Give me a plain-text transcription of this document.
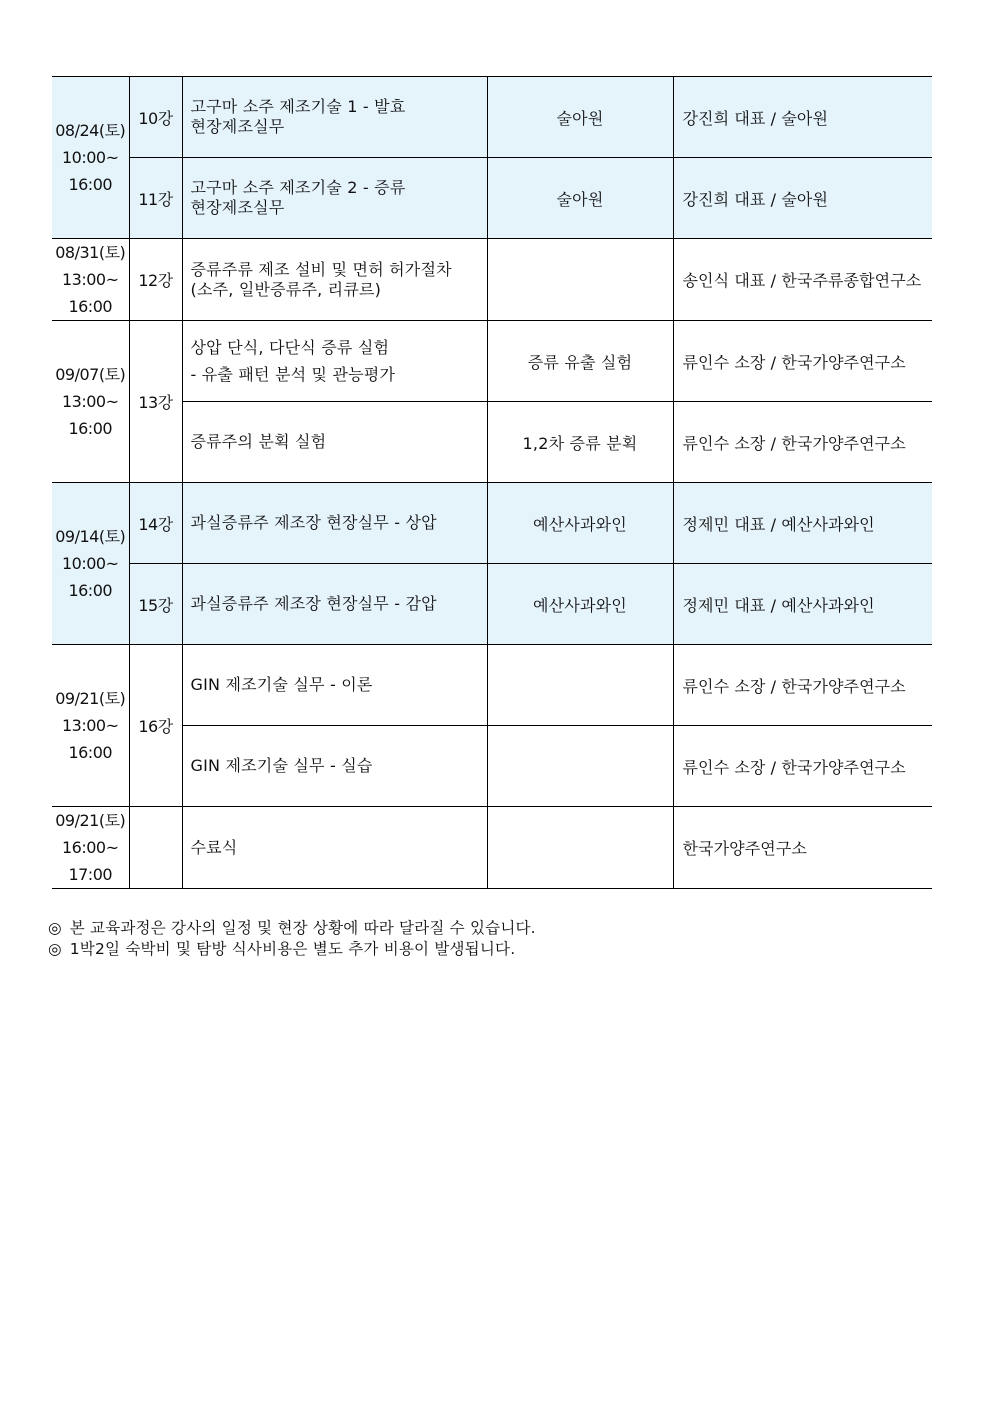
08/24(토)
10:00~
16:00	10강	고구마 소주 제조기술 1 - 발효
현장제조실무	술아원	강진희 대표 / 술아원
	11강	고구마 소주 제조기술 2 - 증류
현장제조실무	술아원	강진희 대표 / 술아원

08/31(토)
13:00~
16:00	12강	증류주류 제조 설비 및 면허 허가절차
(소주, 일반증류주, 리큐르)		송인식 대표 / 한국주류종합연구소

09/07(토)
13:00~
16:00	13강	상압 단식, 다단식 증류 실험
- 유출 패턴 분석 및 관능평가	증류 유출 실험	류인수 소장 / 한국가양주연구소

		증류주의 분획 실험	1,2차 증류 분획	류인수 소장 / 한국가양주연구소

09/14(토)
10:00~
16:00	14강	과실증류주 제조장 현장실무 - 상압	예산사과와인	정제민 대표 / 예산사과와인
	15강	과실증류주 제조장 현장실무 - 감압	예산사과와인	정제민 대표 / 예산사과와인

09/21(토)
13:00~
16:00	16강	GIN 제조기술 실무 - 이론		류인수 소장 / 한국가양주연구소

		GIN 제조기술 실무 - 실습		류인수 소장 / 한국가양주연구소

09/21(토)
16:00~
17:00		수료식		한국가양주연구소
◎ 본 교육과정은 강사의 일정 및 현장 상황에 따라 달라질 수 있습니다.
◎ 1박2일 숙박비 및 탐방 식사비용은 별도 추가 비용이 발생됩니다.
